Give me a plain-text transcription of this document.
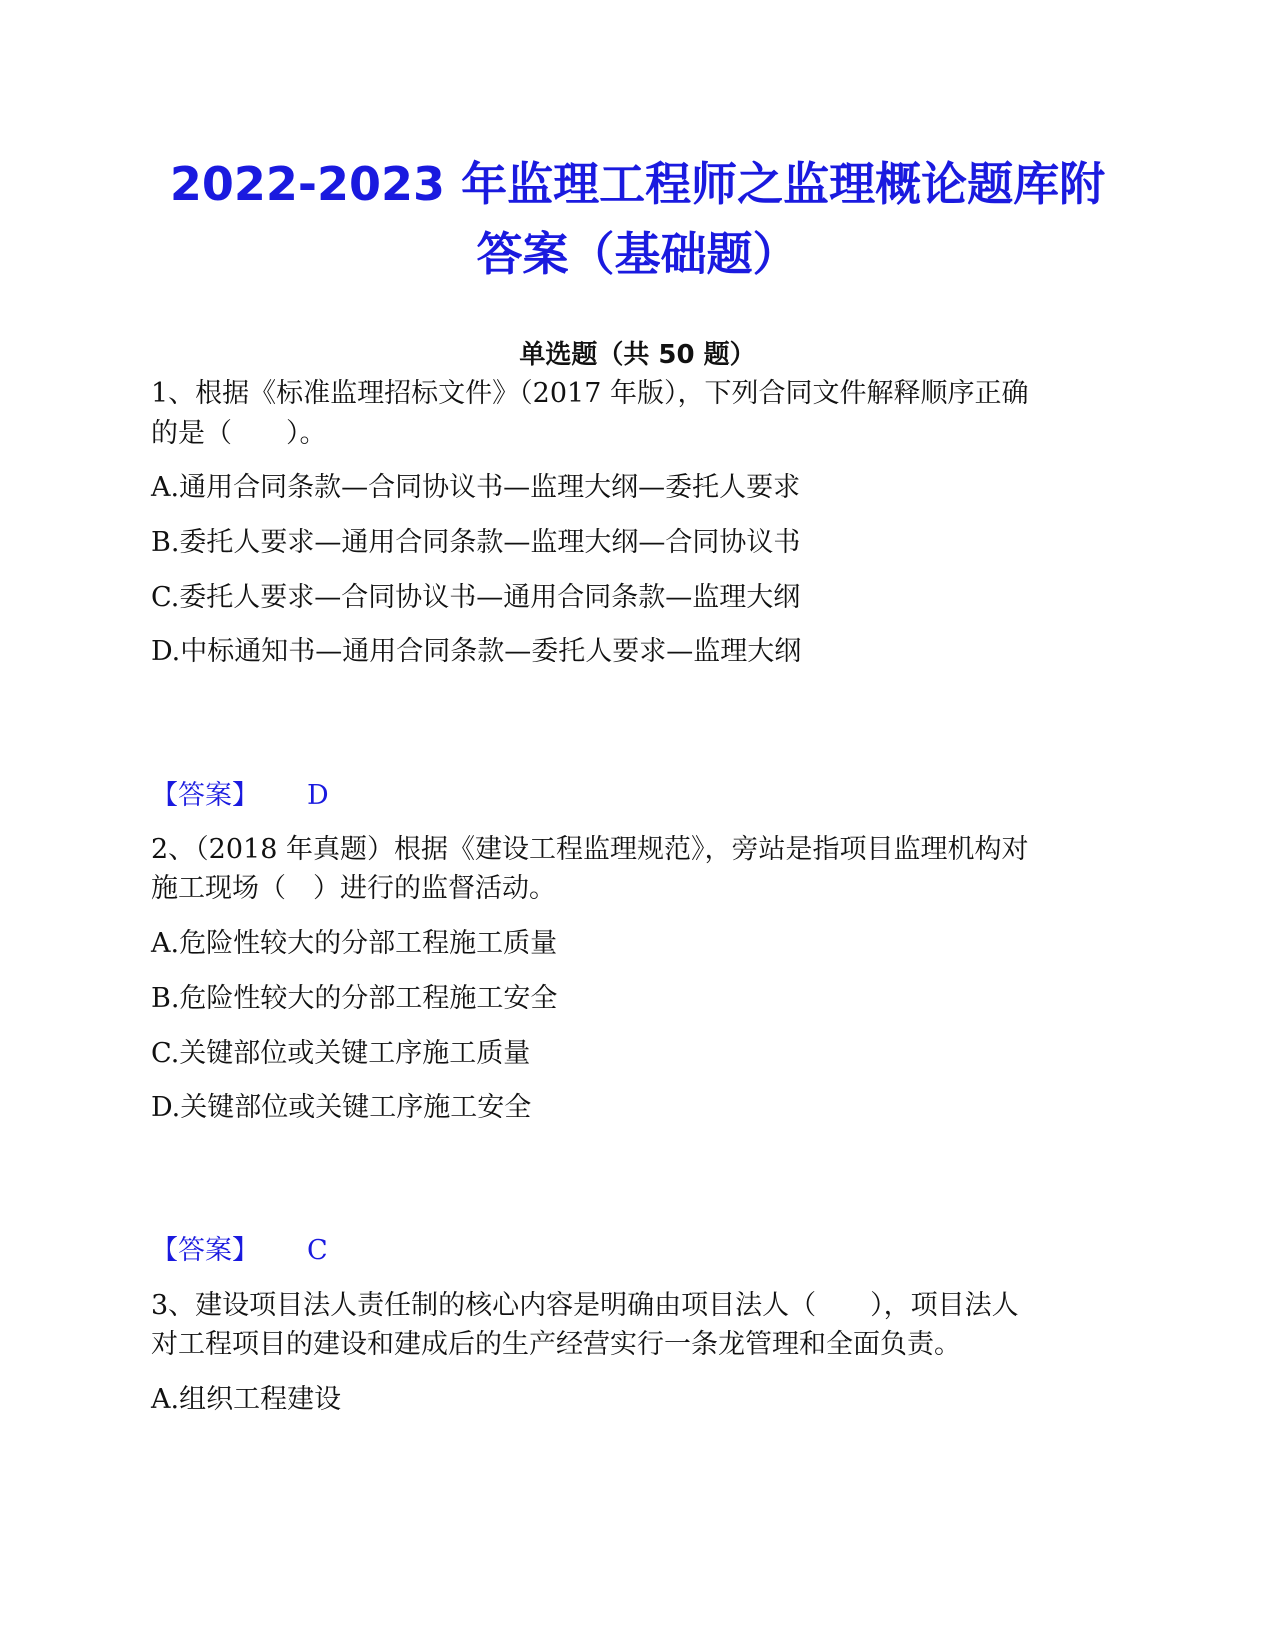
2022-2023 年监理工程师之监理概论题库附
答案（基础题）
单选题（共 50 题）
1、根据《标准监理招标文件》（2017 年版），下列合同文件解释顺序正确
的是（　　）。
A.通用合同条款—合同协议书—监理大纲—委托人要求
B.委托人要求—通用合同条款—监理大纲—合同协议书
C.委托人要求—合同协议书—通用合同条款—监理大纲
D.中标通知书—通用合同条款—委托人要求—监理大纲
【答案】 D
2、（2018 年真题）根据《建设工程监理规范》，旁站是指项目监理机构对
施工现场（　）进行的监督活动。
A.危险性较大的分部工程施工质量
B.危险性较大的分部工程施工安全
C.关键部位或关键工序施工质量
D.关键部位或关键工序施工安全
【答案】 C
3、建设项目法人责任制的核心内容是明确由项目法人（　　），项目法人
对工程项目的建设和建成后的生产经营实行一条龙管理和全面负责。
A.组织工程建设
